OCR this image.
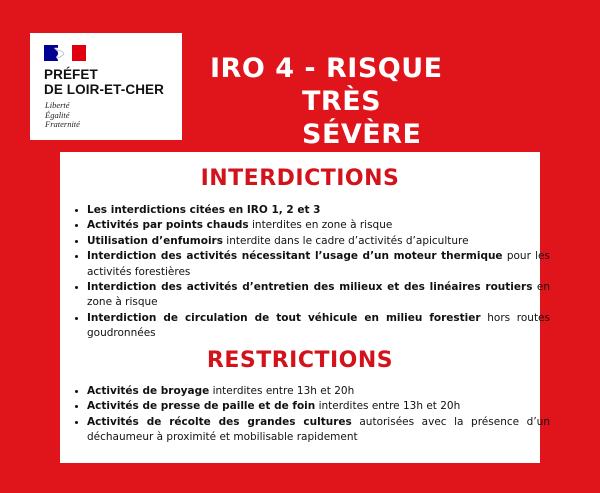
PRÉFET
DE LOIR-ET-CHER
Liberté
Égalité
Fraternité
IRO 4 - RISQUE
TRÈS SÉVÈRE
INTERDICTIONS
• Les interdictions citées en IRO 1, 2 et 3
• Activités par points chauds interdites en zone à risque
• Utilisation d’enfumoirs interdite dans le cadre d’activités d’apiculture
• Interdiction des activités nécessitant l’usage d’un moteur thermique pour les activités forestières
• Interdiction des activités d’entretien des milieux et des linéaires routiers en zone à risque
• Interdiction de circulation de tout véhicule en milieu forestier hors routes goudronnées
RESTRICTIONS
• Activités de broyage interdites entre 13h et 20h
• Activités de presse de paille et de foin interdites entre 13h et 20h
• Activités de récolte des grandes cultures autorisées avec la présence d’un déchaumeur à proximité et mobilisable rapidement
